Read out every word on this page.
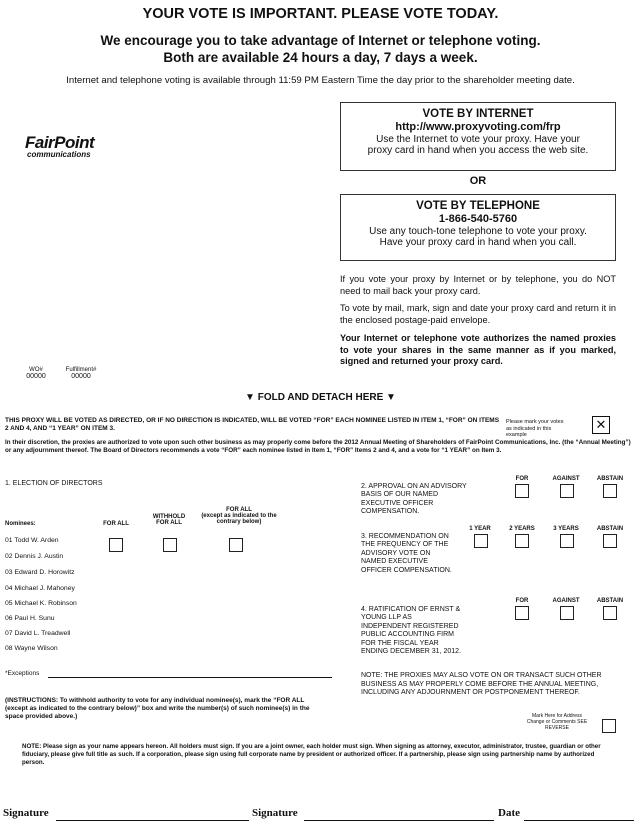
YOUR VOTE IS IMPORTANT. PLEASE VOTE TODAY.
We encourage you to take advantage of Internet or telephone voting.
Both are available 24 hours a day, 7 days a week.
Internet and telephone voting is available through 11:59 PM Eastern Time the day prior to the shareholder meeting date.
FairPoint
communications
VOTE BY INTERNET
http://www.proxyvoting.com/frp
Use the Internet to vote your proxy. Have your
proxy card in hand when you access the web site.
OR
VOTE BY TELEPHONE
1-866-540-5760
Use any touch-tone telephone to vote your proxy.
Have your proxy card in hand when you call.
If you vote your proxy by Internet or by telephone, you do NOT need to mail back your proxy card.
To vote by mail, mark, sign and date your proxy card and return it in the enclosed postage-paid envelope.
Your Internet or telephone vote authorizes the named proxies to vote your shares in the same manner as if you marked, signed and returned your proxy card.
WO#
00000
Fulfillment#
00000
▼ FOLD AND DETACH HERE ▼
THIS PROXY WILL BE VOTED AS DIRECTED, OR IF NO DIRECTION IS INDICATED, WILL BE VOTED “FOR” EACH NOMINEE LISTED IN ITEM 1, “FOR” ON ITEMS 2 AND 4, AND “1 YEAR” ON ITEM 3.
Please mark your votes as indicated in this example
✕
In their discretion, the proxies are authorized to vote upon such other business as may properly come before the 2012 Annual Meeting of Shareholders of FairPoint Communications, Inc. (the “Annual Meeting”) or any adjournment thereof. The Board of Directors recommends a vote “FOR” each nominee listed in Item 1, “FOR” Items 2 and 4, and a vote for “1 YEAR” on Item 3.
1. ELECTION OF DIRECTORS
Nominees:	FOR ALL
WITHHOLD
FOR ALL
FOR ALL
(except as indicated to the
contrary below)
01 Todd W. Arden
02 Dennis J. Austin
03 Edward D. Horowitz
04 Michael J. Mahoney
05 Michael K. Robinson
06 Paul H. Sunu
07 David L. Treadwell
08 Wayne Wilson
*Exceptions
(INSTRUCTIONS: To withhold authority to vote for any individual nominee(s), mark the “FOR ALL (except as indicated to the contrary below)” box and write the number(s) of such nominee(s) in the space provided above.)
2. APPROVAL ON AN ADVISORY BASIS OF OUR NAMED EXECUTIVE OFFICER COMPENSATION.
FOR	AGAINST	ABSTAIN
3. RECOMMENDATION ON THE FREQUENCY OF THE ADVISORY VOTE ON NAMED EXECUTIVE OFFICER COMPENSATION.
1 YEAR	2 YEARS	3 YEARS	ABSTAIN
4. RATIFICATION OF ERNST & YOUNG LLP AS INDEPENDENT REGISTERED PUBLIC ACCOUNTING FIRM FOR THE FISCAL YEAR ENDING DECEMBER 31, 2012.
FOR	AGAINST	ABSTAIN
NOTE: THE PROXIES MAY ALSO VOTE ON OR TRANSACT SUCH OTHER BUSINESS AS MAY PROPERLY COME BEFORE THE ANNUAL MEETING, INCLUDING ANY ADJOURNMENT OR POSTPONEMENT THEREOF.
Mark Here for Address Change or Comments SEE REVERSE
NOTE: Please sign as your name appears hereon. All holders must sign. If you are a joint owner, each holder must sign. When signing as attorney, executor, administrator, trustee, guardian or other fiduciary, please give full title as such. If a corporation, please sign using full corporate name by president or authorized officer. If a partnership, please sign using partnership name by authorized person.
Signature	Signature	Date
